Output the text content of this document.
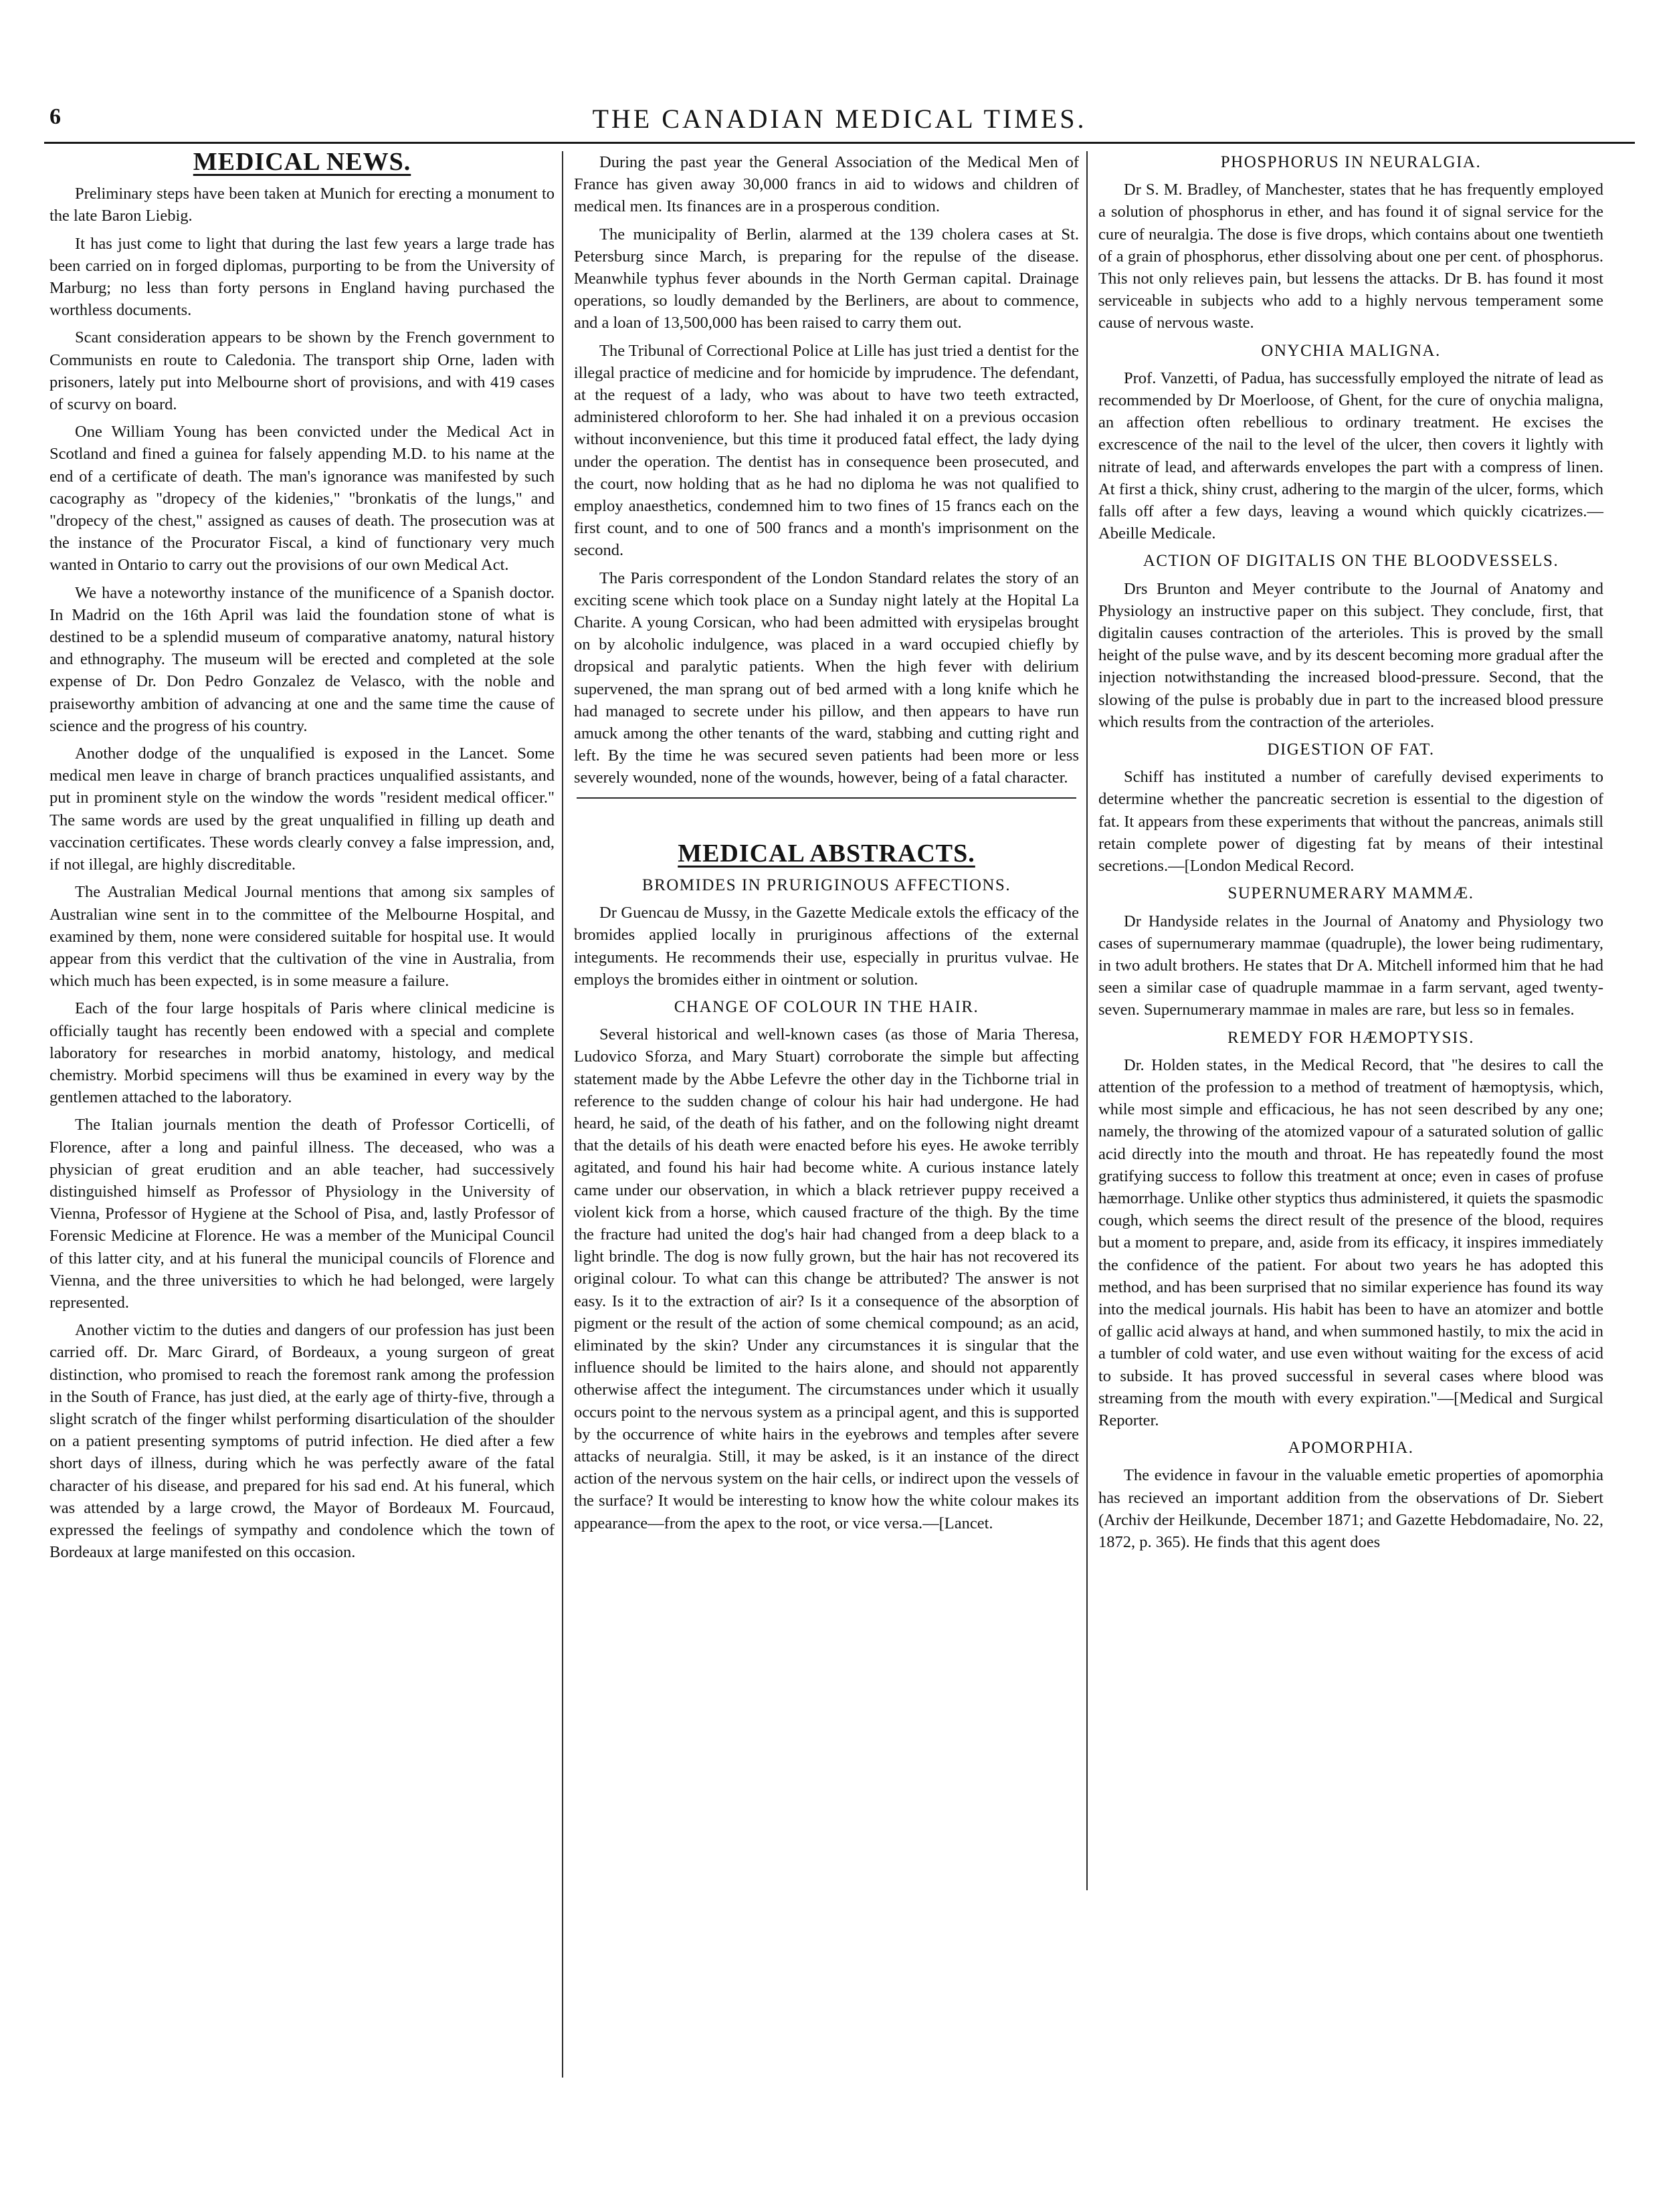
6	THE CANADIAN MEDICAL TIMES.
MEDICAL NEWS.

Preliminary steps have been taken at Munich for erecting a monument to the late Baron Liebig.

It has just come to light that during the last few years a large trade has been carried on in forged diplomas, purporting to be from the University of Marburg; no less than forty persons in England having purchased the worthless documents.

Scant consideration appears to be shown by the French government to Communists en route to Caledonia. The transport ship Orne, laden with prisoners, lately put into Melbourne short of provisions, and with 419 cases of scurvy on board.

One William Young has been convicted under the Medical Act in Scotland and fined a guinea for falsely appending M.D. to his name at the end of a certificate of death. The man's ignorance was manifested by such cacography as "dropecy of the kidenies," "bronkatis of the lungs," and "dropecy of the chest," assigned as causes of death. The prosecution was at the instance of the Procurator Fiscal, a kind of functionary very much wanted in Ontario to carry out the provisions of our own Medical Act.

We have a noteworthy instance of the munificence of a Spanish doctor. In Madrid on the 16th April was laid the foundation stone of what is destined to be a splendid museum of comparative anatomy, natural history and ethnography. The museum will be erected and completed at the sole expense of Dr. Don Pedro Gonzalez de Velasco, with the noble and praiseworthy ambition of advancing at one and the same time the cause of science and the progress of his country.

Another dodge of the unqualified is exposed in the Lancet. Some medical men leave in charge of branch practices unqualified assistants, and put in prominent style on the window the words "resident medical officer." The same words are used by the great unqualified in filling up death and vaccination certificates. These words clearly convey a false impression, and, if not illegal, are highly discreditable.

The Australian Medical Journal mentions that among six samples of Australian wine sent in to the committee of the Melbourne Hospital, and examined by them, none were considered suitable for hospital use. It would appear from this verdict that the cultivation of the vine in Australia, from which much has been expected, is in some measure a failure.

Each of the four large hospitals of Paris where clinical medicine is officially taught has recently been endowed with a special and complete laboratory for researches in morbid anatomy, histology, and medical chemistry. Morbid specimens will thus be examined in every way by the gentlemen attached to the laboratory.

The Italian journals mention the death of Professor Corticelli, of Florence, after a long and painful illness. The deceased, who was a physician of great erudition and an able teacher, had successively distinguished himself as Professor of Physiology in the University of Vienna, Professor of Hygiene at the School of Pisa, and, lastly Professor of Forensic Medicine at Florence. He was a member of the Municipal Council of this latter city, and at his funeral the municipal councils of Florence and Vienna, and the three universities to which he had belonged, were largely represented.

Another victim to the duties and dangers of our profession has just been carried off. Dr. Marc Girard, of Bordeaux, a young surgeon of great distinction, who promised to reach the foremost rank among the profession in the South of France, has just died, at the early age of thirty-five, through a slight scratch of the finger whilst performing disarticulation of the shoulder on a patient presenting symptoms of putrid infection. He died after a few short days of illness, during which he was perfectly aware of the fatal character of his disease, and prepared for his sad end. At his funeral, which was attended by a large crowd, the Mayor of Bordeaux M. Fourcaud, expressed the feelings of sympathy and condolence which the town of Bordeaux at large manifested on this occasion.

During the past year the General Association of the Medical Men of France has given away 30,000 francs in aid to widows and children of medical men. Its finances are in a prosperous condition.

The municipality of Berlin, alarmed at the 139 cholera cases at St. Petersburg since March, is preparing for the repulse of the disease. Meanwhile typhus fever abounds in the North German capital. Drainage operations, so loudly demanded by the Berliners, are about to commence, and a loan of 13,500,000 has been raised to carry them out.

The Tribunal of Correctional Police at Lille has just tried a dentist for the illegal practice of medicine and for homicide by imprudence. The defendant, at the request of a lady, who was about to have two teeth extracted, administered chloroform to her. She had inhaled it on a previous occasion without inconvenience, but this time it produced fatal effect, the lady dying under the operation. The dentist has in consequence been prosecuted, and the court, now holding that as he had no diploma he was not qualified to employ anaesthetics, condemned him to two fines of 15 francs each on the first count, and to one of 500 francs and a month's imprisonment on the second.

The Paris correspondent of the London Standard relates the story of an exciting scene which took place on a Sunday night lately at the Hopital La Charite. A young Corsican, who had been admitted with erysipelas brought on by alcoholic indulgence, was placed in a ward occupied chiefly by dropsical and paralytic patients. When the high fever with delirium supervened, the man sprang out of bed armed with a long knife which he had managed to secrete under his pillow, and then appears to have run amuck among the other tenants of the ward, stabbing and cutting right and left. By the time he was secured seven patients had been more or less severely wounded, none of the wounds, however, being of a fatal character.

MEDICAL ABSTRACTS.
BROMIDES IN PRURIGINOUS AFFECTIONS.

Dr Guencau de Mussy, in the Gazette Medicale extols the efficacy of the bromides applied locally in pruriginous affections of the external integuments. He recommends their use, especially in pruritus vulvae. He employs the bromides either in ointment or solution.

CHANGE OF COLOUR IN THE HAIR.

Several historical and well-known cases (as those of Maria Theresa, Ludovico Sforza, and Mary Stuart) corroborate the simple but affecting statement made by the Abbe Lefevre the other day in the Tichborne trial in reference to the sudden change of colour his hair had undergone. He had heard, he said, of the death of his father, and on the following night dreamt that the details of his death were enacted before his eyes. He awoke terribly agitated, and found his hair had become white. A curious instance lately came under our observation, in which a black retriever puppy received a violent kick from a horse, which caused fracture of the thigh. By the time the fracture had united the dog's hair had changed from a deep black to a light brindle. The dog is now fully grown, but the hair has not recovered its original colour. To what can this change be attributed? The answer is not easy. Is it to the extraction of air? Is it a consequence of the absorption of pigment or the result of the action of some chemical compound; as an acid, eliminated by the skin? Under any circumstances it is singular that the influence should be limited to the hairs alone, and should not apparently otherwise affect the integument. The circumstances under which it usually occurs point to the nervous system as a principal agent, and this is supported by the occurrence of white hairs in the eyebrows and temples after severe attacks of neuralgia. Still, it may be asked, is it an instance of the direct action of the nervous system on the hair cells, or indirect upon the vessels of the surface? It would be interesting to know how the white colour makes its appearance—from the apex to the root, or vice versa.—[Lancet.

PHOSPHORUS IN NEURALGIA.

Dr S. M. Bradley, of Manchester, states that he has frequently employed a solution of phosphorus in ether, and has found it of signal service for the cure of neuralgia. The dose is five drops, which contains about one twentieth of a grain of phosphorus, ether dissolving about one per cent. of phosphorus. This not only relieves pain, but lessens the attacks. Dr B. has found it most serviceable in subjects who add to a highly nervous temperament some cause of nervous waste.

ONYCHIA MALIGNA.

Prof. Vanzetti, of Padua, has successfully employed the nitrate of lead as recommended by Dr Moerloose, of Ghent, for the cure of onychia maligna, an affection often rebellious to ordinary treatment. He excises the excrescence of the nail to the level of the ulcer, then covers it lightly with nitrate of lead, and afterwards envelopes the part with a compress of linen. At first a thick, shiny crust, adhering to the margin of the ulcer, forms, which falls off after a few days, leaving a wound which quickly cicatrizes.—Abeille Medicale.

ACTION OF DIGITALIS ON THE BLOODVESSELS.

Drs Brunton and Meyer contribute to the Journal of Anatomy and Physiology an instructive paper on this subject. They conclude, first, that digitalin causes contraction of the arterioles. This is proved by the small height of the pulse wave, and by its descent becoming more gradual after the injection notwithstanding the increased blood-pressure. Second, that the slowing of the pulse is probably due in part to the increased blood pressure which results from the contraction of the arterioles.

DIGESTION OF FAT.

Schiff has instituted a number of carefully devised experiments to determine whether the pancreatic secretion is essential to the digestion of fat. It appears from these experiments that without the pancreas, animals still retain complete power of digesting fat by means of their intestinal secretions.—[London Medical Record.

SUPERNUMERARY MAMMÆ.

Dr Handyside relates in the Journal of Anatomy and Physiology two cases of supernumerary mammae (quadruple), the lower being rudimentary, in two adult brothers. He states that Dr A. Mitchell informed him that he had seen a similar case of quadruple mammae in a farm servant, aged twenty-seven. Supernumerary mammae in males are rare, but less so in females.

REMEDY FOR HÆMOPTYSIS.

Dr. Holden states, in the Medical Record, that "he desires to call the attention of the profession to a method of treatment of hæmoptysis, which, while most simple and efficacious, he has not seen described by any one; namely, the throwing of the atomized vapour of a saturated solution of gallic acid directly into the mouth and throat. He has repeatedly found the most gratifying success to follow this treatment at once; even in cases of profuse hæmorrhage. Unlike other styptics thus administered, it quiets the spasmodic cough, which seems the direct result of the presence of the blood, requires but a moment to prepare, and, aside from its efficacy, it inspires immediately the confidence of the patient. For about two years he has adopted this method, and has been surprised that no similar experience has found its way into the medical journals. His habit has been to have an atomizer and bottle of gallic acid always at hand, and when summoned hastily, to mix the acid in a tumbler of cold water, and use even without waiting for the excess of acid to subside. It has proved successful in several cases where blood was streaming from the mouth with every expiration."—[Medical and Surgical Reporter.

APOMORPHIA.

The evidence in favour in the valuable emetic properties of apomorphia has recieved an important addition from the observations of Dr. Siebert (Archiv der Heilkunde, December 1871; and Gazette Hebdomadaire, No. 22, 1872, p. 365). He finds that this agent does
